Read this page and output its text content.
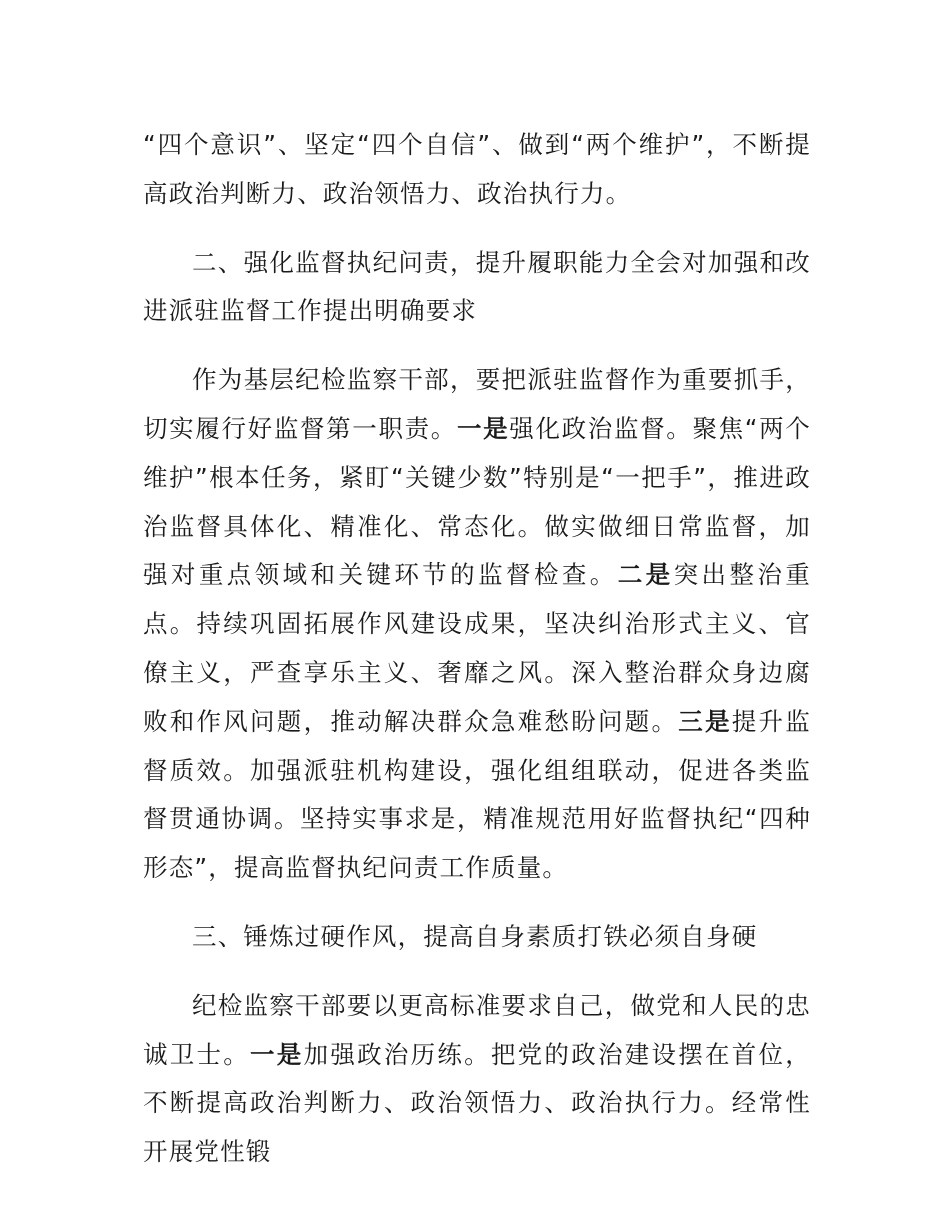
“四个意识”、坚定“四个自信”、做到“两个维护”，不断提高政治判断力、政治领悟力、政治执行力。

二、强化监督执纪问责，提升履职能力全会对加强和改进派驻监督工作提出明确要求

作为基层纪检监察干部，要把派驻监督作为重要抓手，切实履行好监督第一职责。一是强化政治监督。聚焦“两个维护”根本任务，紧盯“关键少数”特别是“一把手”，推进政治监督具体化、精准化、常态化。做实做细日常监督，加强对重点领域和关键环节的监督检查。二是突出整治重点。持续巩固拓展作风建设成果，坚决纠治形式主义、官僚主义，严查享乐主义、奢靡之风。深入整治群众身边腐败和作风问题，推动解决群众急难愁盼问题。三是提升监督质效。加强派驻机构建设，强化组组联动，促进各类监督贯通协调。坚持实事求是，精准规范用好监督执纪“四种形态”，提高监督执纪问责工作质量。

三、锤炼过硬作风，提高自身素质打铁必须自身硬

纪检监察干部要以更高标准要求自己，做党和人民的忠诚卫士。一是加强政治历练。把党的政治建设摆在首位，不断提高政治判断力、政治领悟力、政治执行力。经常性开展党性锻
